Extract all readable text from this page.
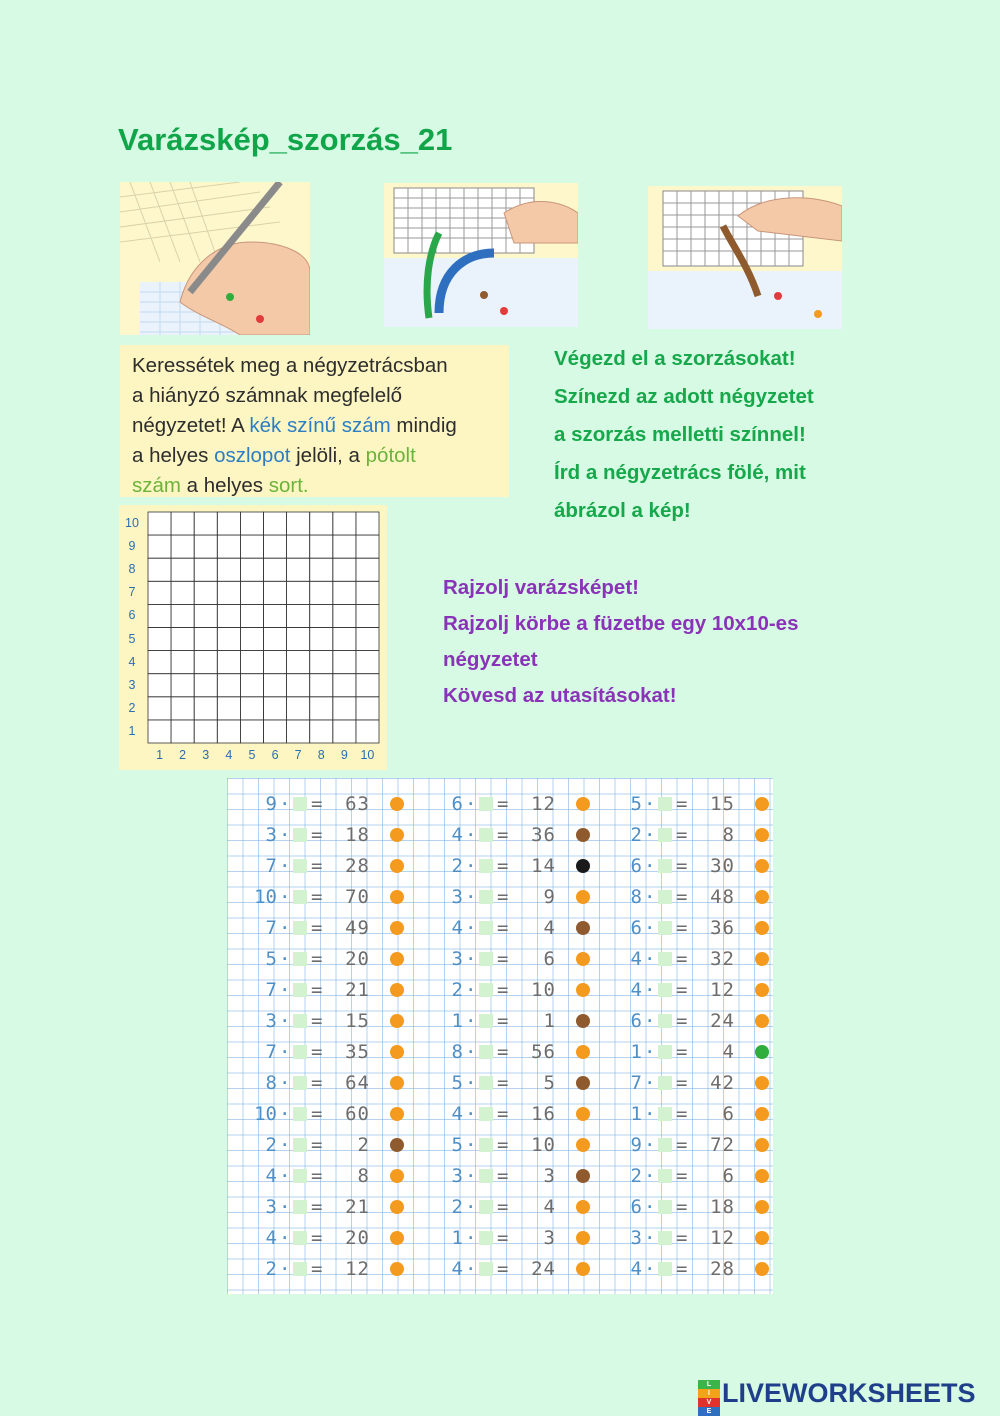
Varázskép_szorzás_21
Keressétek meg a négyzetrácsban
a hiányzó számnak megfelelő
négyzetet! A kék színű szám mindig
a helyes oszlopot jelöli, a pótolt
szám a helyes sort.
Végezd el a szorzásokat!
Színezd az adott négyzetet
a szorzás melletti színnel!
Írd a négyzetrács fölé, mit
ábrázol a kép!
Rajzolj varázsképet!
Rajzolj körbe a füzetbe egy 10x10-es
négyzetet
Kövesd az utasításokat!
10
9
8
7
6
5
4
3
2
1
1	2	3	4	5	6	7	8	9	10
9 · =	63
3 · =	18
7 · =	28
10 · =	70
7 · =	49
5 · =	20
7 · =	21
3 · =	15
7 · =	35
8 · =	64
10 · =	60
2 · =	2
4 · =	8
3 · =	21
4 · =	20
2 · =	12
6 · =	12
4 · =	36
2 · =	14
3 · =	9
4 · =	4
3 · =	6
2 · =	10
1 · =	1
8 · =	56
5 · =	5
4 · =	16
5 · =	10
3 · =	3
2 · =	4
1 · =	3
4 · =	24
5 · =	15
2 · =	8
6 · =	30
8 · =	48
6 · =	36
4 · =	32
4 · =	12
6 · =	24
1 · =	4
7 · =	42
1 · =	6
9 · =	72
2 · =	6
6 · =	18
3 · =	12
4 · =	28
L
I
V
E
LIVEWORKSHEETS
